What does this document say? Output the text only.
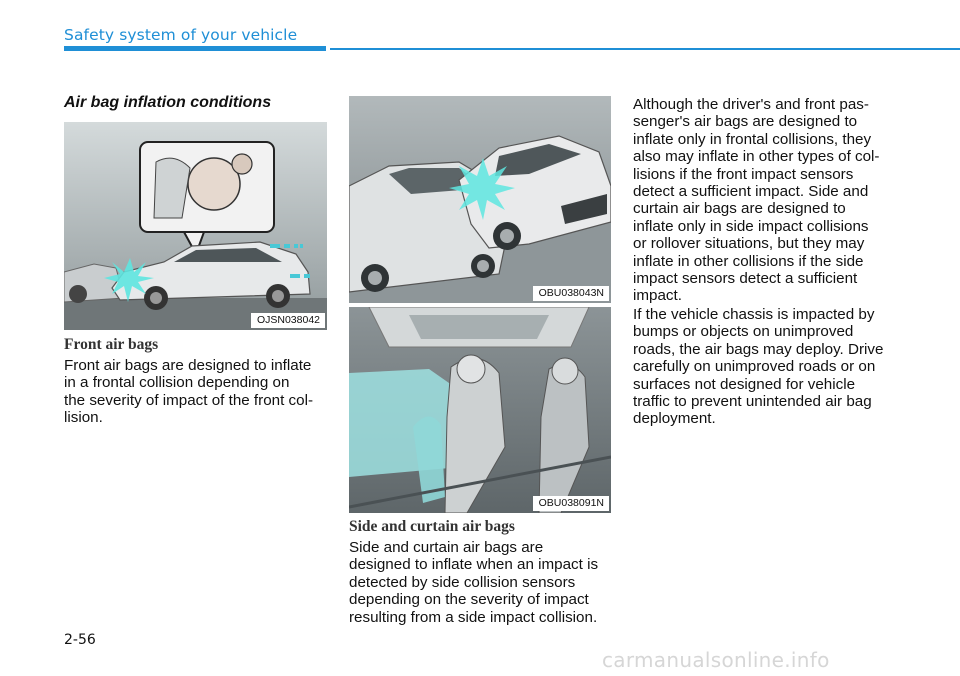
Safety system of your vehicle
Air bag inflation conditions
OJSN038042
Front air bags
Front air bags are designed to inflate
in a frontal collision depending on
the severity of impact of the front col-
lision.
OBU038043N
OBU038091N
Side and curtain air bags
Side and curtain air bags are
designed to inflate when an impact is
detected by side collision sensors
depending on the severity of impact
resulting from a side impact collision.
Although the driver's and front pas-
senger's air bags are designed to
inflate only in frontal collisions, they
also may inflate in other types of col-
lisions if the front impact sensors
detect a sufficient impact. Side and
curtain air bags are designed to
inflate only in side impact collisions
or rollover situations, but they may
inflate in other collisions if the side
impact sensors detect a sufficient
impact.
If the vehicle chassis is impacted by
bumps or objects on unimproved
roads, the air bags may deploy. Drive
carefully on unimproved roads or on
surfaces not designed for vehicle
traffic to prevent unintended air bag
deployment.
2-56
carmanualsonline.info
